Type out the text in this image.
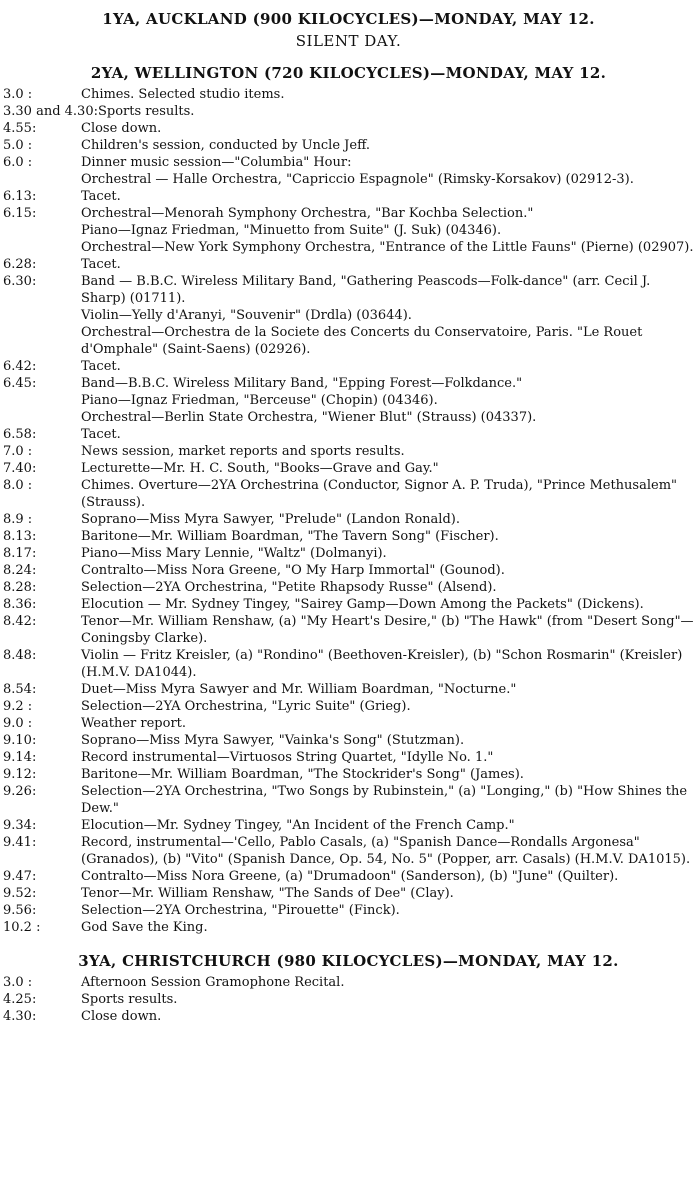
1YA, AUCKLAND (900 KILOCYCLES)—MONDAY, MAY 12.
SILENT DAY.
2YA, WELLINGTON (720 KILOCYCLES)—MONDAY, MAY 12.
3.0 :	Chimes. Selected studio items.
3.30 and 4.30: Sports results.
4.55:	Close down.
5.0 :	Children's session, conducted by Uncle Jeff.
6.0 :	Dinner music session—"Columbia" Hour:
Orchestral — Halle Orchestra, "Capriccio Espagnole" (Rimsky-Korsakov) (02912-3).
6.13:	Tacet.
6.15:	Orchestral—Menorah Symphony Orchestra, "Bar Kochba Selection."
Piano—Ignaz Friedman, "Minuetto from Suite" (J. Suk) (04346).
Orchestral—New York Symphony Orchestra, "Entrance of the Little Fauns" (Pierne) (02907).
6.28:	Tacet.
6.30:	Band — B.B.C. Wireless Military Band, "Gathering Peascods—Folk-dance" (arr. Cecil J. Sharp) (01711).
Violin—Yelly d'Aranyi, "Souvenir" (Drdla) (03644).
Orchestral—Orchestra de la Societe des Concerts du Conservatoire, Paris. "Le Rouet d'Omphale" (Saint-Saens) (02926).
6.42:	Tacet.
6.45:	Band—B.B.C. Wireless Military Band, "Epping Forest—Folkdance."
Piano—Ignaz Friedman, "Berceuse" (Chopin) (04346).
Orchestral—Berlin State Orchestra, "Wiener Blut" (Strauss) (04337).
6.58:	Tacet.
7.0 :	News session, market reports and sports results.
7.40:	Lecturette—Mr. H. C. South, "Books—Grave and Gay."
8.0 :	Chimes. Overture—2YA Orchestrina (Conductor, Signor A. P. Truda), "Prince Methusalem" (Strauss).
8.9 :	Soprano—Miss Myra Sawyer, "Prelude" (Landon Ronald).
8.13:	Baritone—Mr. William Boardman, "The Tavern Song" (Fischer).
8.17:	Piano—Miss Mary Lennie, "Waltz" (Dolmanyi).
8.24:	Contralto—Miss Nora Greene, "O My Harp Immortal" (Gounod).
8.28:	Selection—2YA Orchestrina, "Petite Rhapsody Russe" (Alsend).
8.36:	Elocution — Mr. Sydney Tingey, "Sairey Gamp—Down Among the Packets" (Dickens).
8.42:	Tenor—Mr. William Renshaw, (a) "My Heart's Desire," (b) "The Hawk" (from "Desert Song"—Coningsby Clarke).
8.48:	Violin — Fritz Kreisler, (a) "Rondino" (Beethoven-Kreisler), (b) "Schon Rosmarin" (Kreisler) (H.M.V. DA1044).
8.54:	Duet—Miss Myra Sawyer and Mr. William Boardman, "Nocturne."
9.2 :	Selection—2YA Orchestrina, "Lyric Suite" (Grieg).
9.0 :	Weather report.
9.10:	Soprano—Miss Myra Sawyer, "Vainka's Song" (Stutzman).
9.14:	Record instrumental—Virtuosos String Quartet, "Idylle No. 1."
9.12:	Baritone—Mr. William Boardman, "The Stockrider's Song" (James).
9.26:	Selection—2YA Orchestrina, "Two Songs by Rubinstein," (a) "Longing," (b) "How Shines the Dew."
9.34:	Elocution—Mr. Sydney Tingey, "An Incident of the French Camp."
9.41:	Record, instrumental—'Cello, Pablo Casals, (a) "Spanish Dance—Rondalls Argonesa" (Granados), (b) "Vito" (Spanish Dance, Op. 54, No. 5" (Popper, arr. Casals) (H.M.V. DA1015).
9.47:	Contralto—Miss Nora Greene, (a) "Drumadoon" (Sanderson), (b) "June" (Quilter).
9.52:	Tenor—Mr. William Renshaw, "The Sands of Dee" (Clay).
9.56:	Selection—2YA Orchestrina, "Pirouette" (Finck).
10.2 :	God Save the King.
3YA, CHRISTCHURCH (980 KILOCYCLES)—MONDAY, MAY 12.
3.0 :	Afternoon Session Gramophone Recital.
4.25:	Sports results.
4.30:	Close down.
